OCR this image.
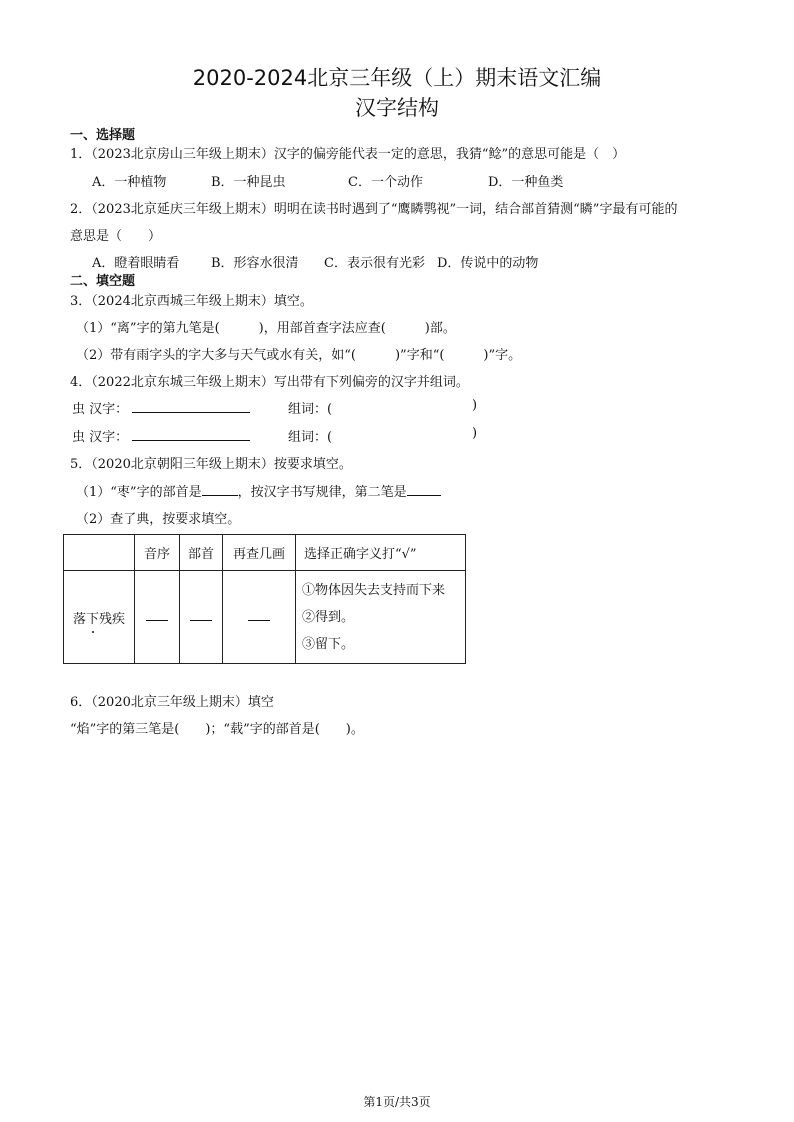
2020-2024北京三年级（上）期末语文汇编
汉字结构
一、选择题
1．（2023北京房山三年级上期末）汉字的偏旁能代表一定的意思，我猜“鲶”的意思可能是（　）
A．一种植物	B．一种昆虫	C．一个动作	D．一种鱼类
2．（2023北京延庆三年级上期末）明明在读书时遇到了“鹰瞵鹗视”一词，结合部首猜测“瞵”字最有可能的
意思是（　　）
A．瞪着眼睛看 B．形容水很清 C．表示很有光彩 D．传说中的动物
二、填空题
3．（2024北京西城三年级上期末）填空。
（1）“离”字的第九笔是(　　　)，用部首查字法应查(　　　)部。
（2）带有雨字头的字大多与天气或水有关，如“(　　　)”字和“(　　　)”字。
4．（2022北京东城三年级上期末）写出带有下列偏旁的汉字并组词。
虫 汉字：	组词：(	)
虫 汉字：	组词：(	)
5．（2020北京朝阳三年级上期末）按要求填空。
（1）“枣”字的部首是	，按汉字书写规律，第二笔是
（2）查了典，按要求填空。
	音序	部首	再查几画	选择正确字义打“√”
落下残疾				①物体因失去支持而下来
②得到。
③留下。
6．（2020北京三年级上期末）填空
“焰”字的第三笔是(　　)；“载”字的部首是(　　)。
第1页/共3页
